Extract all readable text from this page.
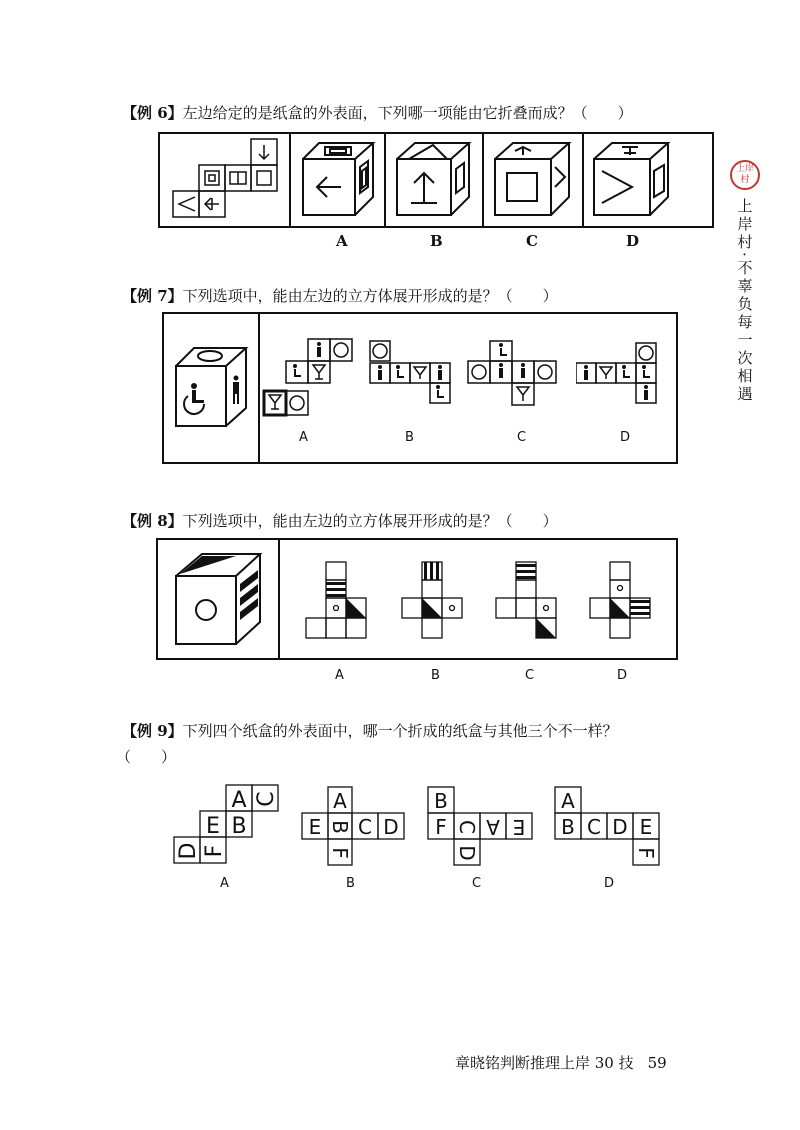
上岸村
上岸村·不辜负每一次相遇
【例 6】左边给定的是纸盒的外表面，下列哪一项能由它折叠而成？（　　）
A	B	C	D
【例 7】下列选项中，能由左边的立方体展开形成的是？（　　）
A	B	C	D
【例 8】下列选项中，能由左边的立方体展开形成的是？（　　）
A	B	C	D
【例 9】下列四个纸盒的外表面中，哪一个折成的纸盒与其他三个不一样？
（　　）
A C
E B
D F
A
E B C D
F
B
F C A E
D
A
B C D E
F
A	B	C	D
章晓铭判断推理上岸 30 技 59
